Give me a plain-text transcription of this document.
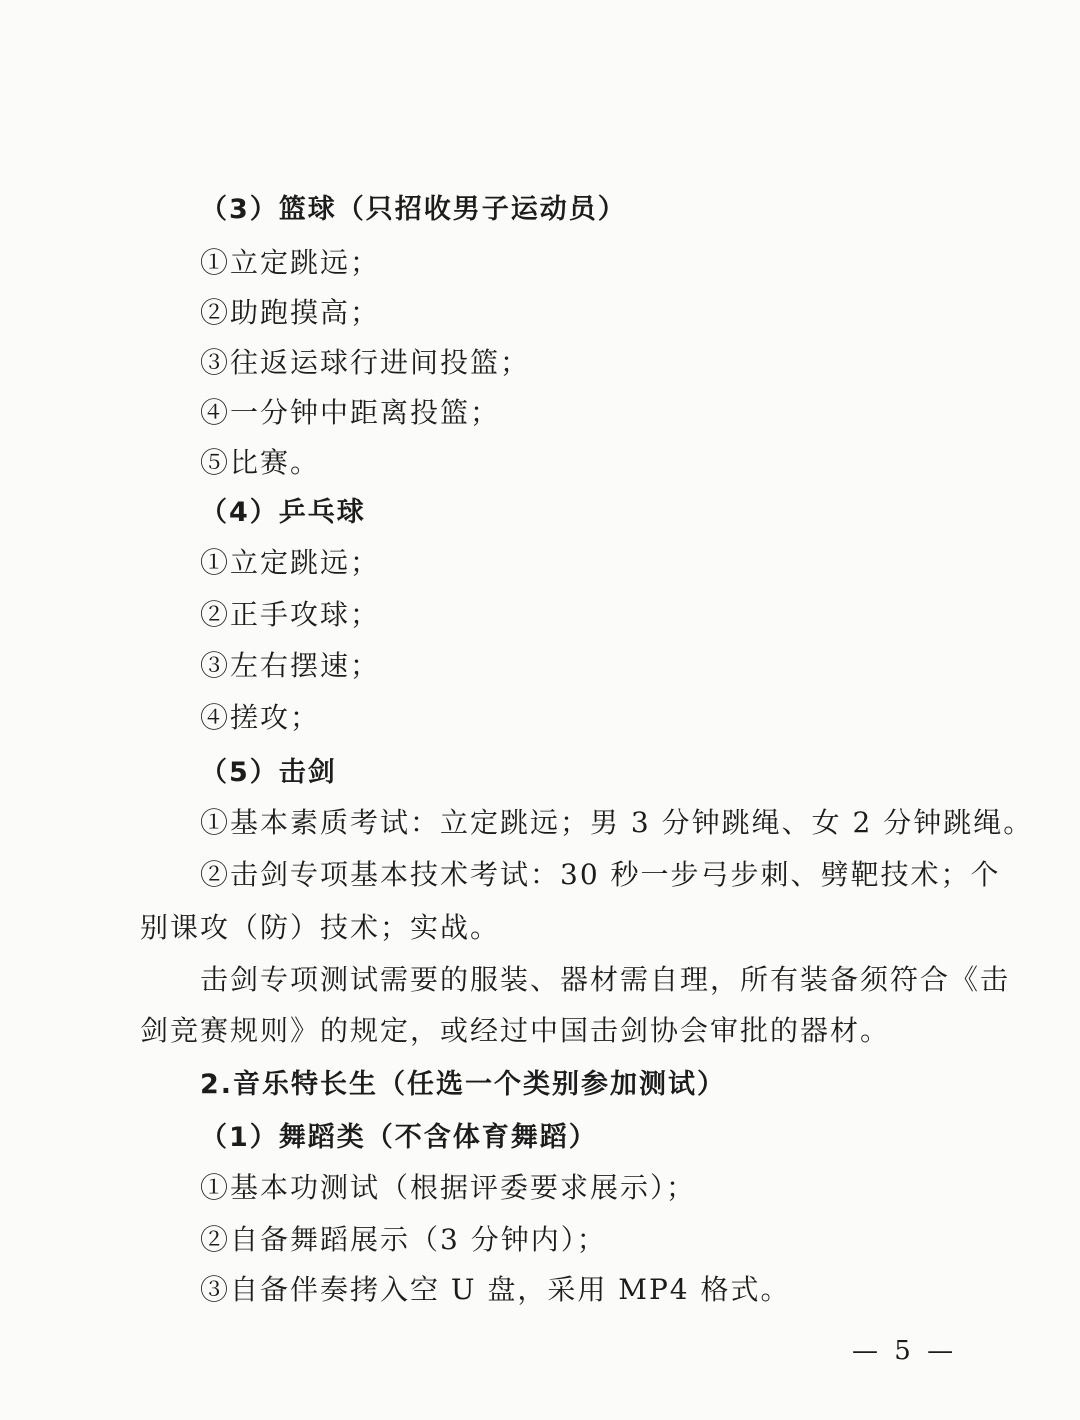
（3）篮球（只招收男子运动员）
①立定跳远；
②助跑摸高；
③往返运球行进间投篮；
④一分钟中距离投篮；
⑤比赛。
（4）乒乓球
①立定跳远；
②正手攻球；
③左右摆速；
④搓攻；
（5）击剑
①基本素质考试：立定跳远；男 3 分钟跳绳、女 2 分钟跳绳。
②击剑专项基本技术考试：30 秒一步弓步刺、劈靶技术；个
别课攻（防）技术；实战。
击剑专项测试需要的服装、器材需自理，所有装备须符合《击
剑竞赛规则》的规定，或经过中国击剑协会审批的器材。
2.音乐特长生（任选一个类别参加测试）
（1）舞蹈类（不含体育舞蹈）
①基本功测试（根据评委要求展示）；
②自备舞蹈展示（3 分钟内）；
③自备伴奏拷入空 U 盘，采用 MP4 格式。
— 5 —
